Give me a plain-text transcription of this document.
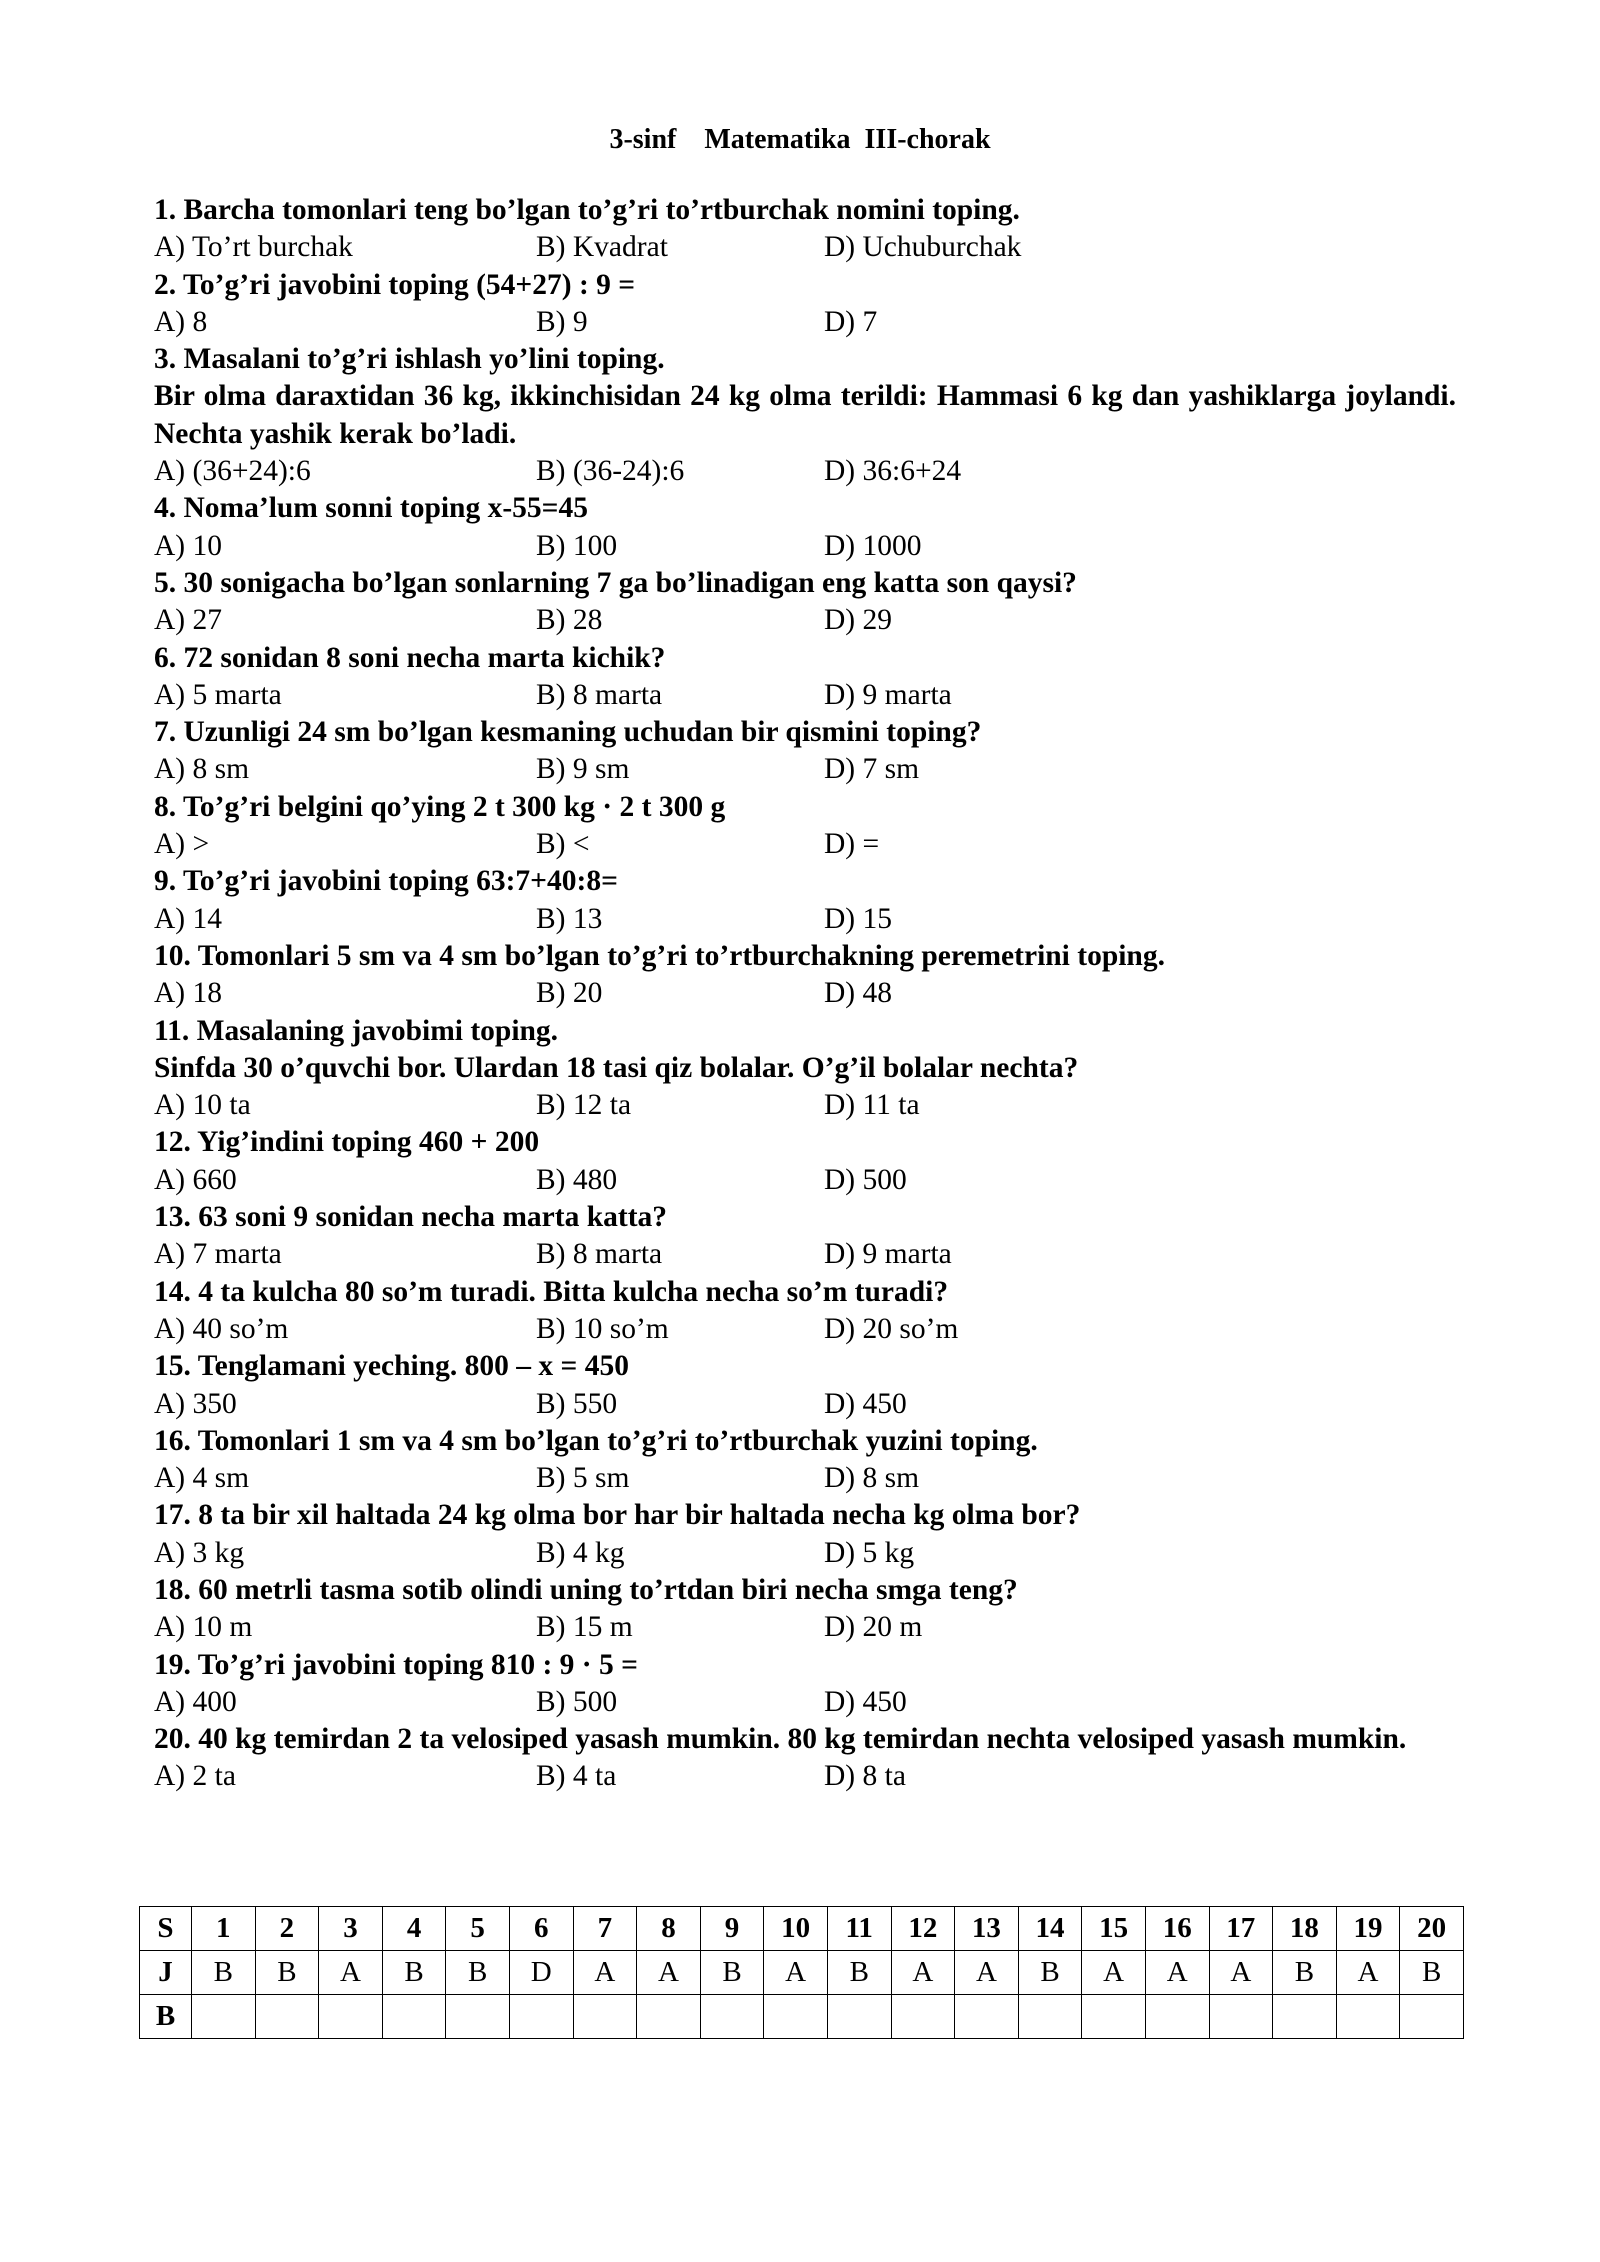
3-sinf    Matematika  III-chorak
1. Barcha tomonlari teng bo’lgan to’g’ri to’rtburchak nomini toping.
A) To’rt burchak	B) Kvadrat	D) Uchuburchak
2. To’g’ri javobini toping (54+27) : 9 =
A) 8	B) 9	D) 7
3. Masalani to’g’ri ishlash yo’lini toping.
Bir olma daraxtidan 36 kg, ikkinchisidan 24 kg olma terildi: Hammasi 6 kg dan yashiklarga joylandi. Nechta yashik kerak bo’ladi.
A) (36+24):6	B) (36-24):6	D) 36:6+24
4. Noma’lum sonni toping x-55=45
A) 10	B) 100	D) 1000
5. 30 sonigacha bo’lgan sonlarning 7 ga bo’linadigan eng katta son qaysi?
A) 27	B) 28	D) 29
6. 72 sonidan 8 soni necha marta kichik?
A) 5 marta	B) 8 marta	D) 9 marta
7. Uzunligi 24 sm bo’lgan kesmaning uchudan bir qismini toping?
A) 8 sm	B) 9 sm	D) 7 sm
8. To’g’ri belgini qo’ying 2 t 300 kg · 2 t 300 g
A) >	B) <	D) =
9. To’g’ri javobini toping 63:7+40:8=
A) 14	B) 13	D) 15
10. Tomonlari 5 sm va 4 sm bo’lgan to’g’ri to’rtburchakning peremetrini toping.
A) 18	B) 20	D) 48
11. Masalaning javobimi toping.
Sinfda 30 o’quvchi bor. Ulardan 18 tasi qiz bolalar. O’g’il bolalar nechta?
A) 10 ta	B) 12 ta	D) 11 ta
12. Yig’indini toping 460 + 200
A) 660	B) 480	D) 500
13. 63 soni 9 sonidan necha marta katta?
A) 7 marta	B) 8 marta	D) 9 marta
14. 4 ta kulcha 80 so’m turadi. Bitta kulcha necha so’m turadi?
A) 40 so’m	B) 10 so’m	D) 20 so’m
15. Tenglamani yeching. 800 – x = 450
A) 350	B) 550	D) 450
16. Tomonlari 1 sm va 4 sm bo’lgan to’g’ri to’rtburchak yuzini toping.
A) 4 sm	B) 5 sm	D) 8 sm
17. 8 ta bir xil haltada 24 kg olma bor har bir haltada necha kg olma bor?
A) 3 kg	B) 4 kg	D) 5 kg
18. 60 metrli tasma sotib olindi uning to’rtdan biri necha smga teng?
A) 10 m	B) 15 m	D) 20 m
19. To’g’ri javobini toping 810 : 9 · 5 =
A) 400	B) 500	D) 450
20. 40 kg temirdan 2 ta velosiped yasash mumkin. 80 kg temirdan nechta velosiped yasash mumkin.
A) 2 ta	B) 4 ta	D) 8 ta
S	1	2	3	4	5	6	7	8	9	10	11	12	13	14	15	16	17	18	19	20
J	B	B	A	B	B	D	A	A	B	A	B	A	A	B	A	A	A	B	A	B
B																				
